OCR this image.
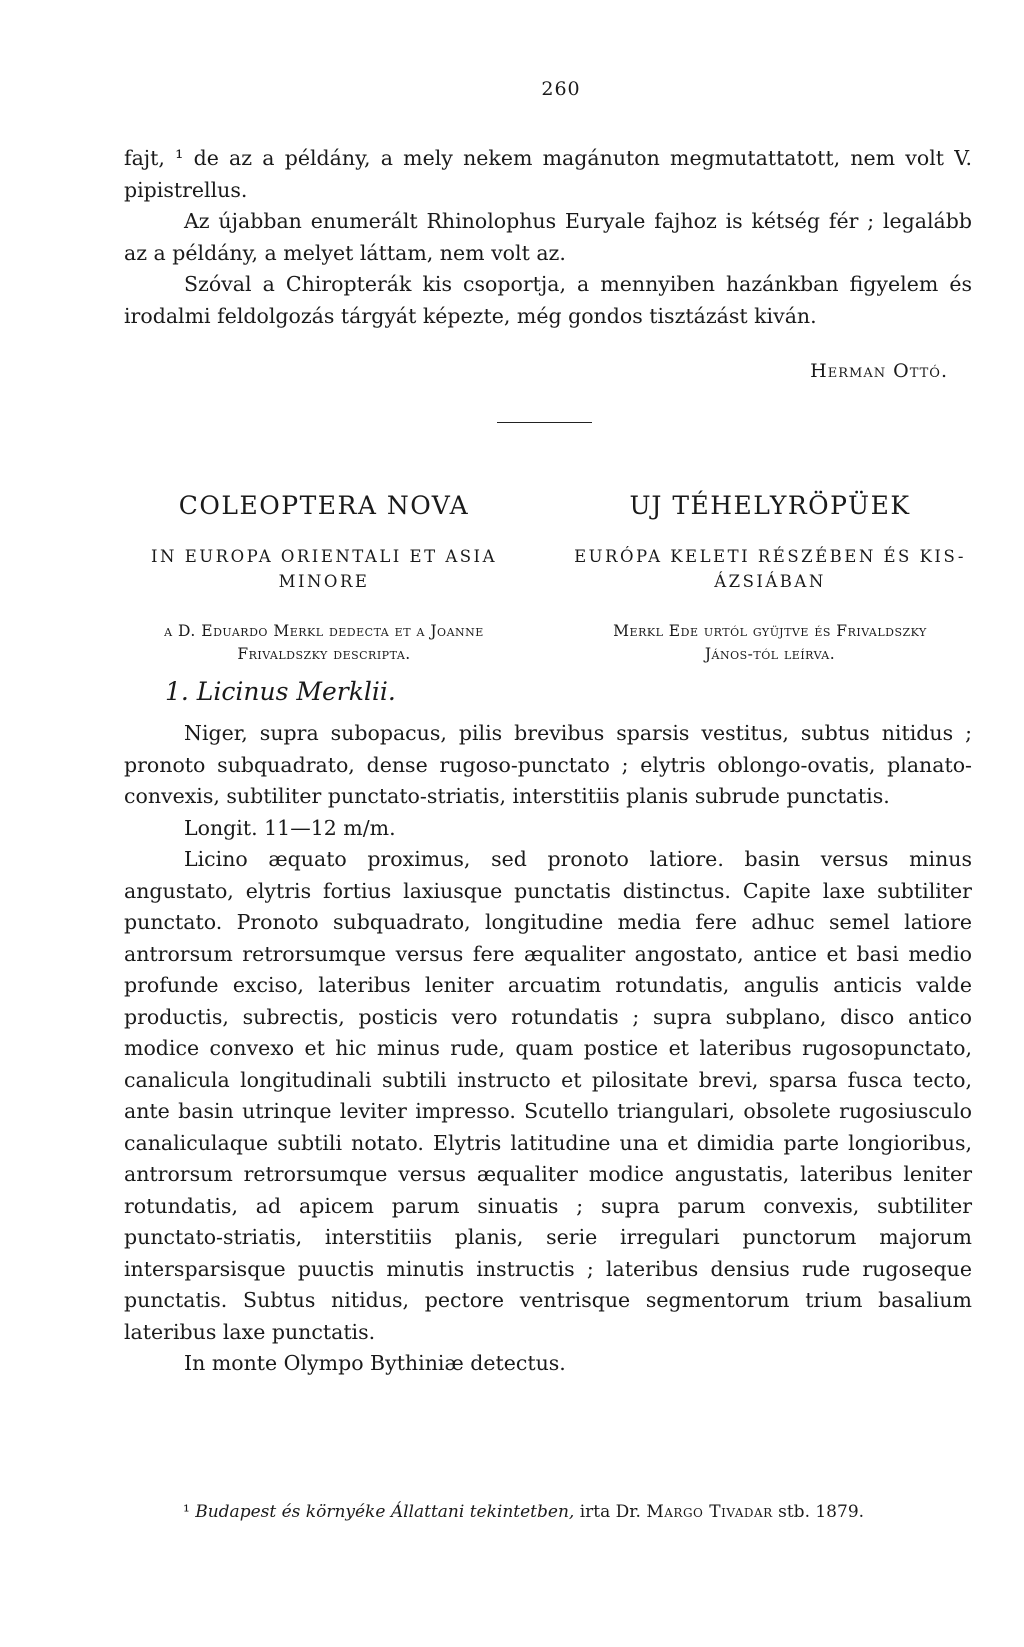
260

fajt, ¹ de az a példány, a mely nekem magánuton megmutattatott, nem volt V. pipistrellus.

Az újabban enumerált Rhinolophus Euryale fajhoz is kétség fér ; legalább az a példány, a melyet láttam, nem volt az.

Szóval a Chiropterák kis csoportja, a mennyiben hazánkban figyelem és irodalmi feldolgozás tárgyát képezte, még gondos tisztázást kiván.

Herman Ottó.
COLEOPTERA NOVA
IN EUROPA ORIENTALI ET ASIA MINORE
a D. Eduardo Merkl dedecta et a Joanne
Frivaldszky descripta.
UJ TÉHELYRÖPÜEK
EURÓPA KELETI RÉSZÉBEN ÉS KIS-ÁZSIÁBAN
Merkl Ede urtól gyüjtve és Frivaldszky
János-tól leírva.
1. Licinus Merklii.

Niger, supra subopacus, pilis brevibus sparsis vestitus, subtus nitidus ; pronoto subquadrato, dense rugoso-punctato ; elytris oblongo-ovatis, planato-convexis, subtiliter punctato-striatis, interstitiis planis subrude punctatis.

Longit. 11—12 m/m.

Licino æquato proximus, sed pronoto latiore. basin versus minus angustato, elytris fortius laxiusque punctatis distinctus. Capite laxe subtiliter punctato. Pronoto subquadrato, longitudine media fere adhuc semel latiore antrorsum retrorsumque versus fere æqualiter angostato, antice et basi medio profunde exciso, lateribus leniter arcuatim rotundatis, angulis anticis valde productis, subrectis, posticis vero rotundatis ; supra subplano, disco antico modice convexo et hic minus rude, quam postice et lateribus rugosopunctato, canalicula longitudinali subtili instructo et pilositate brevi, sparsa fusca tecto, ante basin utrinque leviter impresso. Scutello triangulari, obsolete rugosiusculo canaliculaque subtili notato. Elytris latitudine una et dimidia parte longioribus, antrorsum retrorsumque versus æqualiter modice angustatis, lateribus leniter rotundatis, ad apicem parum sinuatis ; supra parum convexis, subtiliter punctato-striatis, interstitiis planis, serie irregulari punctorum majorum intersparsisque puuctis minutis instructis ; lateribus densius rude rugoseque punctatis. Subtus nitidus, pectore ventrisque segmentorum trium basalium lateribus laxe punctatis.

In monte Olympo Bythiniæ detectus.

¹ Budapest és környéke Állattani tekintetben, irta Dr. Margo Tivadar stb. 1879.
